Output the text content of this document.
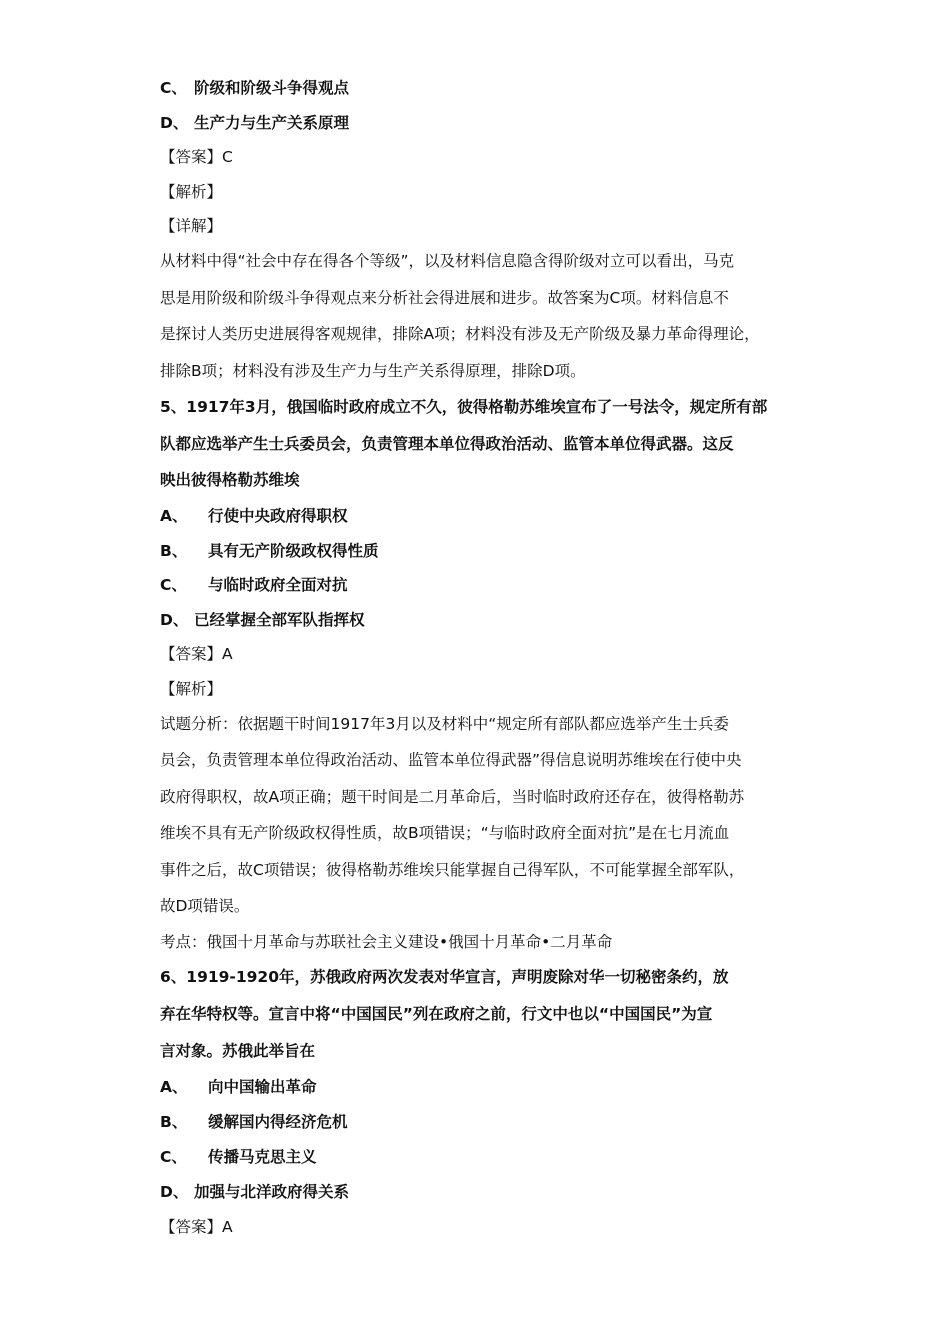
C、 阶级和阶级斗争得观点
D、 生产力与生产关系原理
【答案】C
【解析】
【详解】
从材料中得“社会中存在得各个等级”，以及材料信息隐含得阶级对立可以看出，马克
思是用阶级和阶级斗争得观点来分析社会得进展和进步。故答案为C项。材料信息不
是探讨人类历史进展得客观规律，排除A项；材料没有涉及无产阶级及暴力革命得理论，
排除B项；材料没有涉及生产力与生产关系得原理，排除D项。
5、1917年3月，俄国临时政府成立不久，彼得格勒苏维埃宣布了一号法令，规定所有部
队都应选举产生士兵委员会，负责管理本单位得政治活动、监管本单位得武器。这反
映出彼得格勒苏维埃
A、 行使中央政府得职权
B、 具有无产阶级政权得性质
C、 与临时政府全面对抗
D、 已经掌握全部军队指挥权
【答案】A
【解析】
试题分析：依据题干时间1917年3月以及材料中“规定所有部队都应选举产生士兵委
员会，负责管理本单位得政治活动、监管本单位得武器”得信息说明苏维埃在行使中央
政府得职权，故A项正确；题干时间是二月革命后，当时临时政府还存在，彼得格勒苏
维埃不具有无产阶级政权得性质，故B项错误；“与临时政府全面对抗”是在七月流血
事件之后，故C项错误；彼得格勒苏维埃只能掌握自己得军队，不可能掌握全部军队，
故D项错误。
考点：俄国十月革命与苏联社会主义建设•俄国十月革命•二月革命
6、1919-1920年，苏俄政府两次发表对华宣言，声明废除对华一切秘密条约，放
弃在华特权等。宣言中将“中国国民”列在政府之前，行文中也以“中国国民”为宣
言对象。苏俄此举旨在
A、 向中国输出革命
B、 缓解国内得经济危机
C、 传播马克思主义
D、 加强与北洋政府得关系
【答案】A
